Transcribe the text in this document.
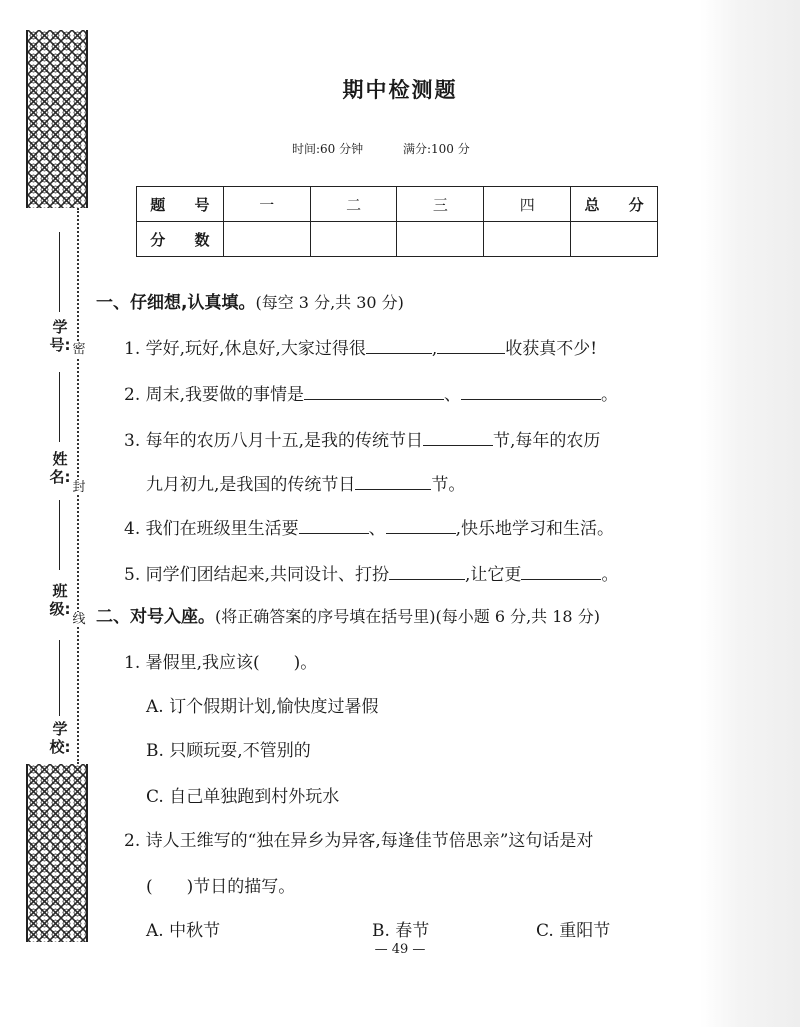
学号:
姓名:
班级:
学校:
密
封
线
期中检测题
时间:60 分钟	满分:100 分
题 号	一	二	三	四	总 分
分 数					
一、仔细想,认真填。(每空 3 分,共 30 分)
1. 学好,玩好,休息好,大家过得很	,	收获真不少!
2. 周末,我要做的事情是	、	。
3. 每年的农历八月十五,是我的传统节日	节,每年的农历
九月初九,是我国的传统节日	节。
4. 我们在班级里生活要	、	,快乐地学习和生活。
5. 同学们团结起来,共同设计、打扮	,让它更	。
二、对号入座。(将正确答案的序号填在括号里)(每小题 6 分,共 18 分)
1. 暑假里,我应该(　　)。
A. 订个假期计划,愉快度过暑假
B. 只顾玩耍,不管别的
C. 自己单独跑到村外玩水
2. 诗人王维写的“独在异乡为异客,每逢佳节倍思亲”这句话是对
(　　)节日的描写。
A. 中秋节	B. 春节	C. 重阳节
— 49 —
